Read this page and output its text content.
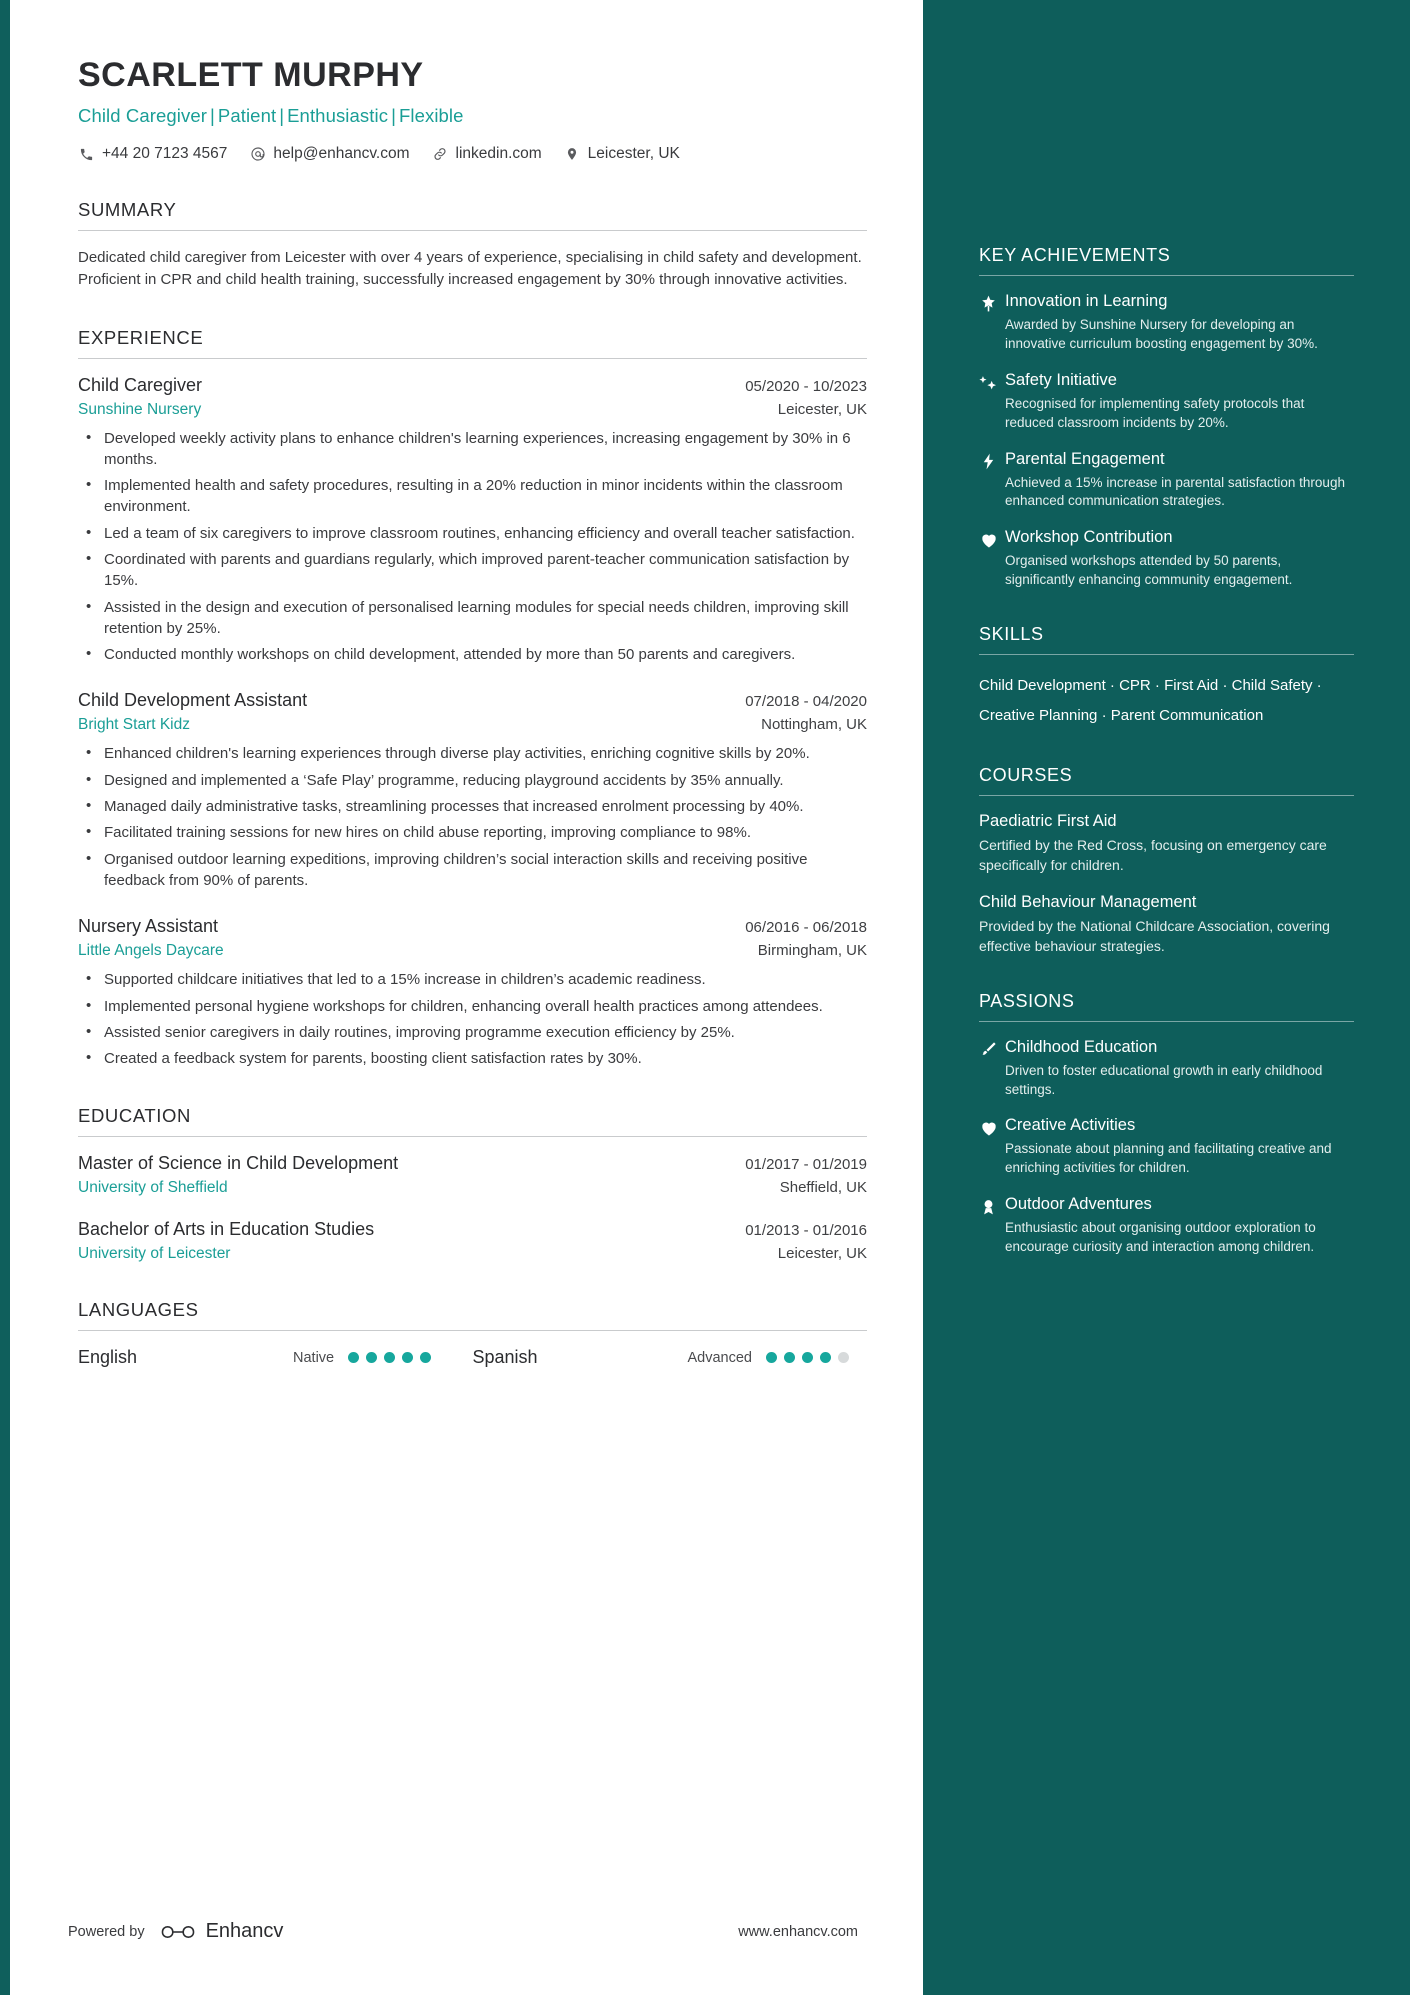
KEY ACHIEVEMENTS
Innovation in Learning
Awarded by Sunshine Nursery for developing an innovative curriculum boosting engagement by 30%.
Safety Initiative
Recognised for implementing safety protocols that reduced classroom incidents by 20%.
Parental Engagement
Achieved a 15% increase in parental satisfaction through enhanced communication strategies.
Workshop Contribution
Organised workshops attended by 50 parents, significantly enhancing community engagement.
SKILLS
Child Development · CPR · First Aid · Child Safety · Creative Planning · Parent Communication
COURSES
Paediatric First Aid
Certified by the Red Cross, focusing on emergency care specifically for children.
Child Behaviour Management
Provided by the National Childcare Association, covering effective behaviour strategies.
PASSIONS
Childhood Education
Driven to foster educational growth in early childhood settings.
Creative Activities
Passionate about planning and facilitating creative and enriching activities for children.
Outdoor Adventures
Enthusiastic about organising outdoor exploration to encourage curiosity and interaction among children.
SCARLETT MURPHY
Child Caregiver | Patient | Enthusiastic | Flexible
+44 20 7123 4567	help@enhancv.com	linkedin.com	Leicester, UK
SUMMARY
Dedicated child caregiver from Leicester with over 4 years of experience, specialising in child safety and development. Proficient in CPR and child health training, successfully increased engagement by 30% through innovative activities.
EXPERIENCE
Child Caregiver	05/2020 - 10/2023
Sunshine Nursery	Leicester, UK
• Developed weekly activity plans to enhance children's learning experiences, increasing engagement by 30% in 6 months.
• Implemented health and safety procedures, resulting in a 20% reduction in minor incidents within the classroom environment.
• Led a team of six caregivers to improve classroom routines, enhancing efficiency and overall teacher satisfaction.
• Coordinated with parents and guardians regularly, which improved parent-teacher communication satisfaction by 15%.
• Assisted in the design and execution of personalised learning modules for special needs children, improving skill retention by 25%.
• Conducted monthly workshops on child development, attended by more than 50 parents and caregivers.
Child Development Assistant	07/2018 - 04/2020
Bright Start Kidz	Nottingham, UK
• Enhanced children's learning experiences through diverse play activities, enriching cognitive skills by 20%.
• Designed and implemented a ‘Safe Play’ programme, reducing playground accidents by 35% annually.
• Managed daily administrative tasks, streamlining processes that increased enrolment processing by 40%.
• Facilitated training sessions for new hires on child abuse reporting, improving compliance to 98%.
• Organised outdoor learning expeditions, improving children’s social interaction skills and receiving positive feedback from 90% of parents.
Nursery Assistant	06/2016 - 06/2018
Little Angels Daycare	Birmingham, UK
• Supported childcare initiatives that led to a 15% increase in children’s academic readiness.
• Implemented personal hygiene workshops for children, enhancing overall health practices among attendees.
• Assisted senior caregivers in daily routines, improving programme execution efficiency by 25%.
• Created a feedback system for parents, boosting client satisfaction rates by 30%.
EDUCATION
Master of Science in Child Development	01/2017 - 01/2019
University of Sheffield	Sheffield, UK
Bachelor of Arts in Education Studies	01/2013 - 01/2016
University of Leicester	Leicester, UK
LANGUAGES
English	Native	Spanish	Advanced
Powered by	Enhancv	www.enhancv.com
